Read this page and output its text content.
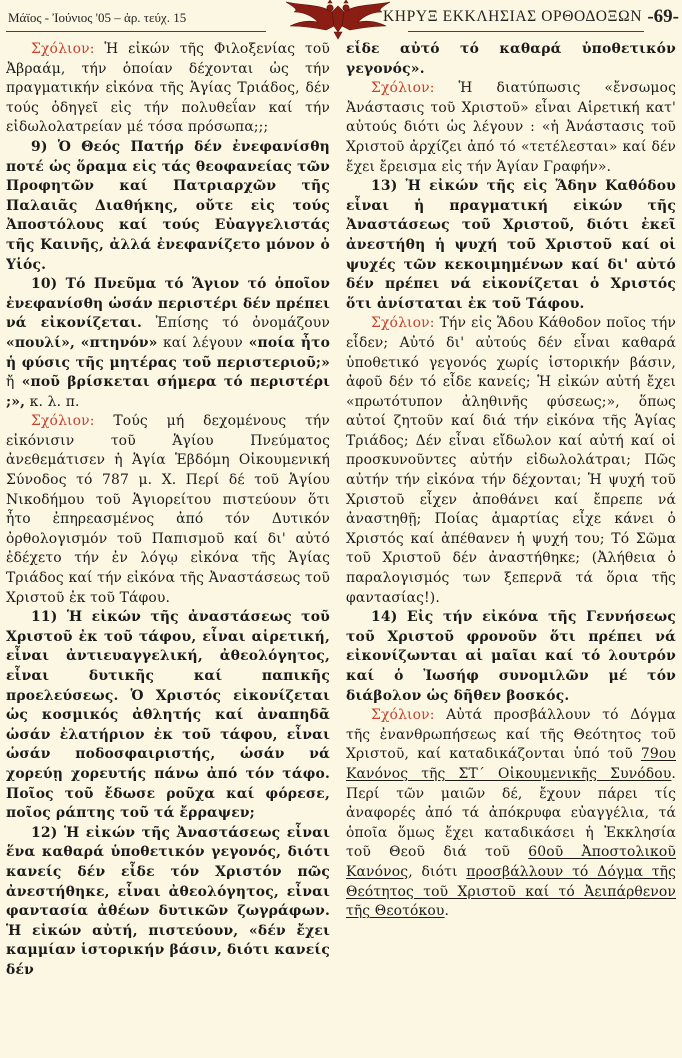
Μάϊος - Ἰούνιος '05 – ἀρ. τεύχ. 15	ΚΗΡΥΞ ΕΚΚΛΗΣΙΑΣ ΟΡΘΟΔΟΞΩΝ -69-

Σχόλιον: Ἡ εἰκών τῆς Φιλοξενίας τοῦ Ἀβραάμ, τήν ὁποίαν δέχονται ὡς τήν πραγματικήν εἰκόνα τῆς Ἁγίας Τριάδος, δέν τούς ὁδηγεῖ εἰς τήν πολυθεΐαν καί τήν εἰδωλολατρείαν μέ τόσα πρόσωπα;;;

9) Ὁ Θεός Πατήρ δέν ἐνεφανίσθη ποτέ ὡς ὅραμα εἰς τάς θεοφανείας τῶν Προφητῶν καί Πατριαρχῶν τῆς Παλαιᾶς Διαθήκης, οὔτε εἰς τούς Ἀποστόλους καί τούς Εὐαγγελιστάς τῆς Καινῆς, ἀλλά ἐνεφανίζετο μόνον ὁ Υἱός.

10) Τό Πνεῦμα τό Ἅγιον τό ὁποῖον ἐνεφανίσθη ὡσάν περιστέρι δέν πρέπει νά εἰκονίζεται. Ἐπίσης τό ὀνομάζουν «πουλί», «πτηνόν» καί λέγουν «ποία ἦτο ἡ φύσις τῆς μητέρας τοῦ περιστεριοῦ;» ἤ «ποῦ βρίσκεται σήμερα τό περιστέρι ;», κ. λ. π.

Σχόλιον: Τούς μή δεχομένους τήν εἰκόνισιν τοῦ Ἁγίου Πνεύματος ἀνεθεμάτισεν ἡ Ἁγία Ἑβδόμη Οἰκουμενική Σύνοδος τό 787 μ. Χ. Περί δέ τοῦ Ἁγίου Νικοδήμου τοῦ Ἁγιορείτου πιστεύουν ὅτι ἦτο ἐπηρεασμένος ἀπό τόν Δυτικόν ὀρθολογισμόν τοῦ Παπισμοῦ καί δι' αὐτό ἐδέχετο τήν ἐν λόγῳ εἰκόνα τῆς Ἁγίας Τριάδος καί τήν εἰκόνα τῆς Ἀναστάσεως τοῦ Χριστοῦ ἐκ τοῦ Τάφου.

11) Ἡ εἰκών τῆς ἀναστάσεως τοῦ Χριστοῦ ἐκ τοῦ τάφου, εἶναι αἱρετική, εἶναι ἀντιευαγγελική, ἀθεολόγητος, εἶναι δυτικῆς καί παπικῆς προελεύσεως. Ὁ Χριστός εἰκονίζεται ὡς κοσμικός ἀθλητής καί ἀναπηδᾶ ὡσάν ἐλατήριον ἐκ τοῦ τάφου, εἶναι ὡσάν ποδοσφαιριστής, ὡσάν νά χορεύῃ χορευτής πάνω ἀπό τόν τάφο. Ποῖος τοῦ ἔδωσε ροῦχα καί φόρεσε, ποῖος ράπτης τοῦ τά ἔρραψεν;

12) Ἡ εἰκών τῆς Ἀναστάσεως εἶναι ἕνα καθαρά ὑποθετικόν γεγονός, διότι κανείς δέν εἶδε τόν Χριστόν πῶς ἀνεστήθηκε, εἶναι ἀθεολόγητος, εἶναι φαντασία ἀθέων δυτικῶν ζωγράφων. Ἡ εἰκών αὐτή, πιστεύουν, «δέν ἔχει καμμίαν ἱστορικήν βάσιν, διότι κανείς δέν

εἶδε αὐτό τό καθαρά ὑποθετικόν γεγονός».

Σχόλιον: Ἡ διατύπωσις «ἔνσωμος Ἀνάστασις τοῦ Χριστοῦ» εἶναι Αἱρετική κατ' αὐτούς διότι ὡς λέγουν : «ἡ Ἀνάστασις τοῦ Χριστοῦ ἀρχίζει ἀπό τό «τετέλεσται» καί δέν ἔχει ἔρεισμα εἰς τήν Ἁγίαν Γραφήν».

13) Ἡ εἰκών τῆς εἰς Ἅδην Καθόδου εἶναι ἡ πραγματική εἰκών τῆς Ἀναστάσεως τοῦ Χριστοῦ, διότι ἐκεῖ ἀνεστήθη ἡ ψυχή τοῦ Χριστοῦ καί οἱ ψυχές τῶν κεκοιμημένων καί δι' αὐτό δέν πρέπει νά εἰκονίζεται ὁ Χριστός ὅτι ἀνίσταται ἐκ τοῦ Τάφου.

Σχόλιον: Τήν εἰς Ἅδου Κάθοδον ποῖος τήν εἶδεν; Αὐτό δι' αὐτούς δέν εἶναι καθαρά ὑποθετικό γεγονός χωρίς ἱστορικήν βάσιν, ἀφοῦ δέν τό εἶδε κανείς; Ἡ εἰκών αὐτή ἔχει «πρωτότυπον ἀληθινῆς φύσεως;», ὅπως αὐτοί ζητοῦν καί διά τήν εἰκόνα τῆς Ἁγίας Τριάδος; Δέν εἶναι εἴδωλον καί αὐτή καί οἱ προσκυνοῦντες αὐτήν εἰδωλολάτραι; Πῶς αὐτήν τήν εἰκόνα τήν δέχονται; Ἡ ψυχή τοῦ Χριστοῦ εἶχεν ἀποθάνει καί ἔπρεπε νά ἀναστηθῇ; Ποίας ἁμαρτίας εἶχε κάνει ὁ Χριστός καί ἀπέθανεν ἡ ψυχή του; Τό Σῶμα τοῦ Χριστοῦ δέν ἀναστήθηκε; (Ἀλήθεια ὁ παραλογισμός των ξεπερνᾶ τά ὅρια τῆς φαντασίας!).

14) Εἰς τήν εἰκόνα τῆς Γεννήσεως τοῦ Χριστοῦ φρονοῦν ὅτι πρέπει νά εἰκονίζωνται αἱ μαῖαι καί τό λουτρόν καί ὁ Ἰωσήφ συνομιλῶν μέ τόν διάβολον ὡς δῆθεν βοσκός.

Σχόλιον: Αὐτά προσβάλλουν τό Δόγμα τῆς ἐνανθρωπήσεως καί τῆς Θεότητος τοῦ Χριστοῦ, καί καταδικάζονται ὑπό τοῦ 79ου Κανόνος τῆς ΣΤ΄ Οἰκουμενικῆς Συνόδου. Περί τῶν μαιῶν δέ, ἔχουν πάρει τίς ἀναφορές ἀπό τά ἀπόκρυφα εὐαγγέλια, τά ὁποῖα ὅμως ἔχει καταδικάσει ἡ Ἐκκλησία τοῦ Θεοῦ διά τοῦ 60οῦ Ἀποστολικοῦ Κανόνος, διότι προσβάλλουν τό Δόγμα τῆς Θεότητος τοῦ Χριστοῦ καί τό Ἀειπάρθενον τῆς Θεοτόκου.
